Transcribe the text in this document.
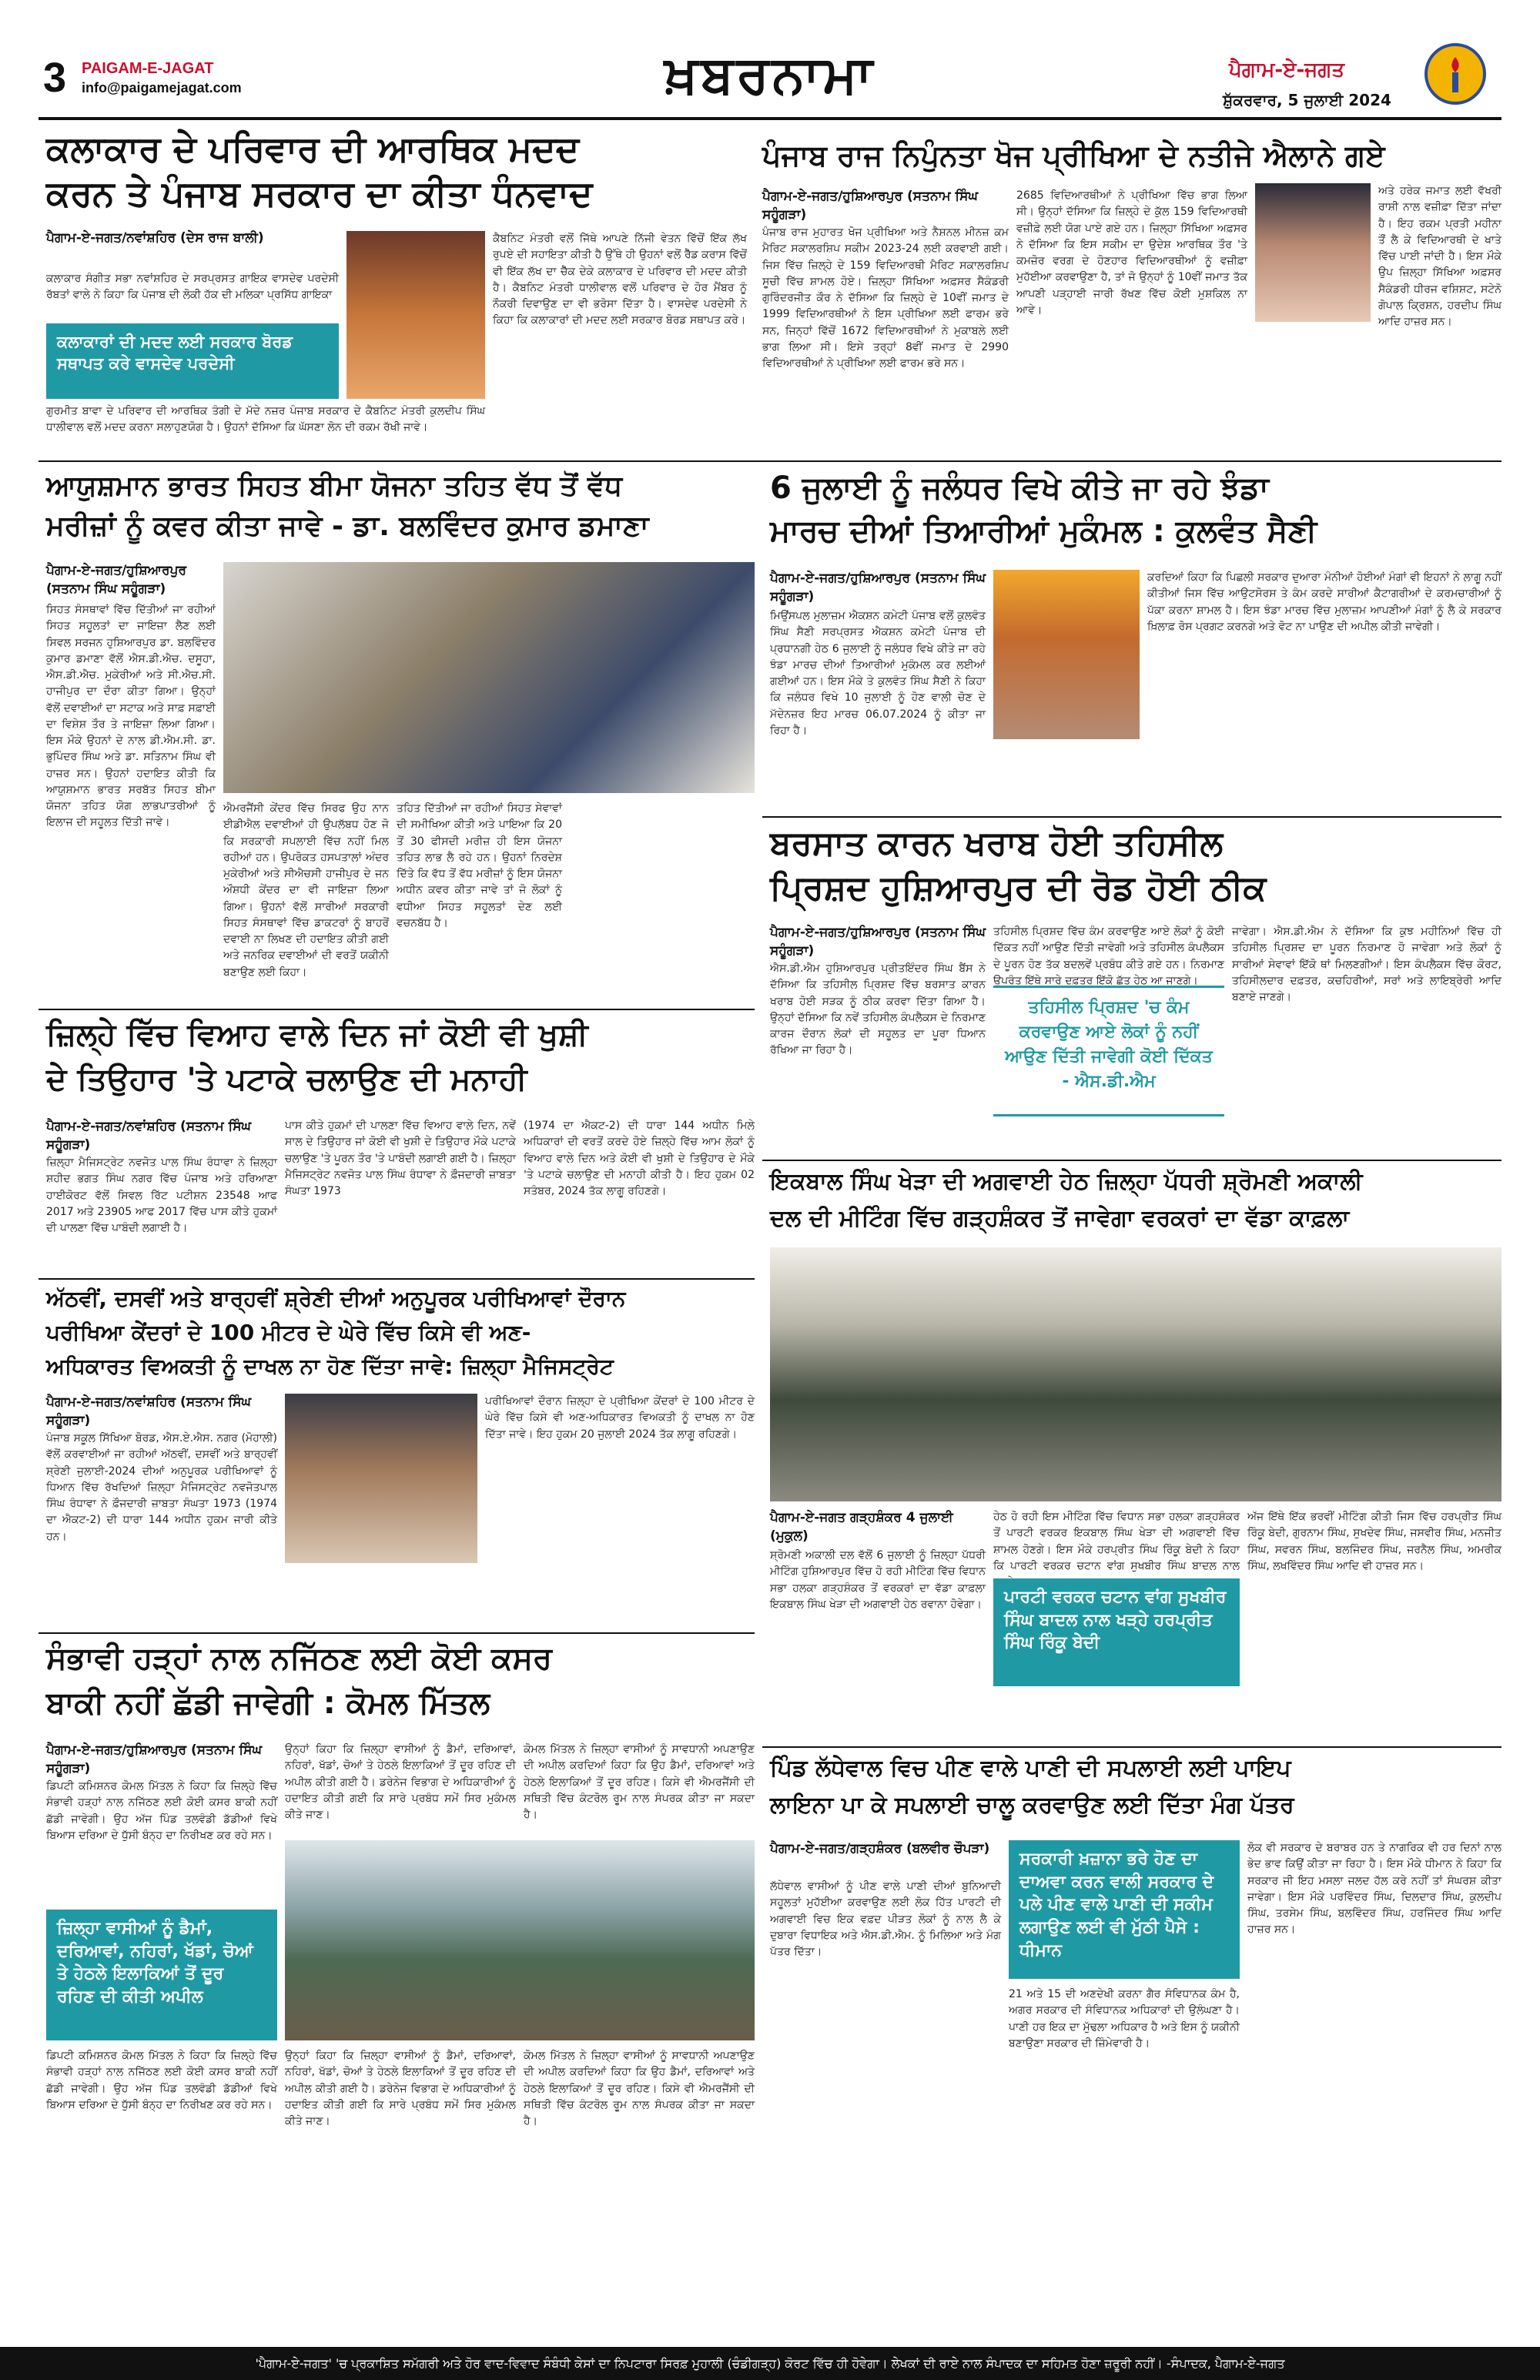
3 PAIGAM-E-JAGAT
info@paigamejagat.com	ਖ਼ਬਰਨਾਮਾ	ਪੈਗਾਮ-ਏ-ਜਗਤ
ਸ਼ੁੱਕਰਵਾਰ, 5 ਜੁਲਾਈ 2024
ਕਲਾਕਾਰ ਦੇ ਪਰਿਵਾਰ ਦੀ ਆਰਥਿਕ ਮਦਦ
ਕਰਨ ਤੇ ਪੰਜਾਬ ਸਰਕਾਰ ਦਾ ਕੀਤਾ ਧੰਨਵਾਦ
ਪੈਗਾਮ-ਏ-ਜਗਤ/ਨਵਾਂਸ਼ਹਿਰ (ਦੇਸ ਰਾਜ ਬਾਲੀ)
ਕਲਾਕਾਰ ਸੰਗੀਤ ਸਭਾ ਨਵਾਂਸ਼ਹਿਰ ਦੇ ਸਰਪ੍ਰਸਤ ਗਾਇਕ ਵਾਸਦੇਵ ਪਰਦੇਸੀ ਰੱਬਤਾਂ ਵਾਲੇ ਨੇ ਕਿਹਾ ਕਿ ਪੰਜਾਬ ਦੀ ਲੋਕੀ ਹੱਕ ਦੀ ਮਲਿਕਾ ਪ੍ਰਸਿੱਧ ਗਾਇਕਾ
ਕਲਾਕਾਰਾਂ ਦੀ ਮਦਦ ਲਈ ਸਰਕਾਰ ਬੋਰਡ ਸਥਾਪਤ ਕਰੇ ਵਾਸਦੇਵ ਪਰਦੇਸੀ
ਕੈਬਨਿਟ ਮੰਤਰੀ ਵਲੋਂ ਜਿੱਥੇ ਆਪਣੇ ਨਿੱਜੀ ਵੇਤਨ ਵਿੱਚੋਂ ਇੱਕ ਲੱਖ ਰੁਪਏ ਦੀ ਸਹਾਇਤਾ ਕੀਤੀ ਹੈ ਉੱਥੇ ਹੀ ਉਹਨਾਂ ਵਲੋਂ ਰੈੱਡ ਕਰਾਸ ਵਿੱਚੋਂ ਵੀ ਇੱਕ ਲੱਖ ਦਾ ਚੈੱਕ ਦੇਕੇ ਕਲਾਕਾਰ ਦੇ ਪਰਿਵਾਰ ਦੀ ਮਦਦ ਕੀਤੀ ਹੈ। ਕੈਬਨਿਟ ਮੰਤਰੀ ਧਾਲੀਵਾਲ ਵਲੋਂ ਪਰਿਵਾਰ ਦੇ ਹੋਰ ਮੈਂਬਰ ਨੂੰ ਨੌਕਰੀ ਦਿਵਾਉਣ ਦਾ ਵੀ ਭਰੋਸਾ ਦਿੱਤਾ ਹੈ। ਵਾਸਦੇਵ ਪਰਦੇਸੀ ਨੇ ਕਿਹਾ ਕਿ ਕਲਾਕਾਰਾਂ ਦੀ ਮਦਦ ਲਈ ਸਰਕਾਰ ਬੋਰਡ ਸਥਾਪਤ ਕਰੇ।
ਗੁਰਮੀਤ ਬਾਵਾ ਦੇ ਪਰਿਵਾਰ ਦੀ ਆਰਥਿਕ ਤੰਗੀ ਦੇ ਮੱਦੇ ਨਜ਼ਰ ਪੰਜਾਬ ਸਰਕਾਰ ਦੇ ਕੈਬਨਿਟ ਮੰਤਰੀ ਕੁਲਦੀਪ ਸਿੰਘ ਧਾਲੀਵਾਲ ਵਲੋਂ ਮਦਦ ਕਰਨਾ ਸਲਾਹੁਣਯੋਗ ਹੈ। ਉਹਨਾਂ ਦੱਸਿਆ ਕਿ ਘੱਸਣਾ ਲੋਨ ਦੀ ਰਕਮ ਰੱਖੀ ਜਾਵੇ।
ਪੰਜਾਬ ਰਾਜ ਨਿਪੁੰਨਤਾ ਖੋਜ ਪ੍ਰੀਖਿਆ ਦੇ ਨਤੀਜੇ ਐਲਾਨੇ ਗਏ
ਪੈਗਾਮ-ਏ-ਜਗਤ/ਹੁਸ਼ਿਆਰਪੁਰ (ਸਤਨਾਮ ਸਿੰਘ ਸਹੂੰਗੜਾ)
ਪੰਜਾਬ ਰਾਜ ਮੁਹਾਰਤ ਖੋਜ ਪ੍ਰੀਖਿਆ ਅਤੇ ਨੈਸ਼ਨਲ ਮੀਨਜ਼ ਕਮ ਮੈਰਿਟ ਸਕਾਲਰਸ਼ਿਪ ਸਕੀਮ 2023-24 ਲਈ ਕਰਵਾਈ ਗਈ। ਜਿਸ ਵਿੱਚ ਜ਼ਿਲ੍ਹੇ ਦੇ 159 ਵਿਦਿਆਰਥੀ ਮੈਰਿਟ ਸਕਾਲਰਸ਼ਿਪ ਸੂਚੀ ਵਿੱਚ ਸ਼ਾਮਲ ਹੋਏ। ਜ਼ਿਲ੍ਹਾ ਸਿੱਖਿਆ ਅਫ਼ਸਰ ਸੈਕੰਡਰੀ ਗੁਰਿੰਦਰਜੀਤ ਕੌਰ ਨੇ ਦੱਸਿਆ ਕਿ ਜ਼ਿਲ੍ਹੇ ਦੇ 10ਵੀਂ ਜਮਾਤ ਦੇ 1999 ਵਿਦਿਆਰਥੀਆਂ ਨੇ ਇਸ ਪ੍ਰੀਖਿਆ ਲਈ ਫਾਰਮ ਭਰੇ ਸਨ, ਜਿਨ੍ਹਾਂ ਵਿੱਚੋਂ 1672 ਵਿਦਿਆਰਥੀਆਂ ਨੇ ਮੁਕਾਬਲੇ ਲਈ ਭਾਗ ਲਿਆ ਸੀ। ਇਸੇ ਤਰ੍ਹਾਂ 8ਵੀਂ ਜਮਾਤ ਦੇ 2990 ਵਿਦਿਆਰਥੀਆਂ ਨੇ ਪ੍ਰੀਖਿਆ ਲਈ ਫਾਰਮ ਭਰੇ ਸਨ।
2685 ਵਿਦਿਆਰਥੀਆਂ ਨੇ ਪ੍ਰੀਖਿਆ ਵਿੱਚ ਭਾਗ ਲਿਆ ਸੀ। ਉਨ੍ਹਾਂ ਦੱਸਿਆ ਕਿ ਜ਼ਿਲ੍ਹੇ ਦੇ ਕੁੱਲ 159 ਵਿਦਿਆਰਥੀ ਵਜ਼ੀਫ਼ੇ ਲਈ ਯੋਗ ਪਾਏ ਗਏ ਹਨ। ਜ਼ਿਲ੍ਹਾ ਸਿੱਖਿਆ ਅਫ਼ਸਰ ਨੇ ਦੱਸਿਆ ਕਿ ਇਸ ਸਕੀਮ ਦਾ ਉਦੇਸ਼ ਆਰਥਿਕ ਤੌਰ 'ਤੇ ਕਮਜ਼ੋਰ ਵਰਗ ਦੇ ਹੋਣਹਾਰ ਵਿਦਿਆਰਥੀਆਂ ਨੂੰ ਵਜ਼ੀਫ਼ਾ ਮੁਹੱਈਆ ਕਰਵਾਉਣਾ ਹੈ, ਤਾਂ ਜੋ ਉਨ੍ਹਾਂ ਨੂੰ 10ਵੀਂ ਜਮਾਤ ਤੱਕ ਆਪਣੀ ਪੜ੍ਹਾਈ ਜਾਰੀ ਰੱਖਣ ਵਿੱਚ ਕੋਈ ਮੁਸ਼ਕਿਲ ਨਾ ਆਵੇ।
ਅਤੇ ਹਰੇਕ ਜਮਾਤ ਲਈ ਵੱਖਰੀ ਰਾਸ਼ੀ ਨਾਲ ਵਜ਼ੀਫ਼ਾ ਦਿੱਤਾ ਜਾਂਦਾ ਹੈ। ਇਹ ਰਕਮ ਪ੍ਰਤੀ ਮਹੀਨਾ ਤੌਂ ਲੈ ਕੇ ਵਿਦਿਆਰਥੀ ਦੇ ਖਾਤੇ ਵਿੱਚ ਪਾਈ ਜਾਂਦੀ ਹੈ। ਇਸ ਮੌਕੇ ਉਪ ਜ਼ਿਲ੍ਹਾ ਸਿੱਖਿਆ ਅਫ਼ਸਰ ਸੈਕੰਡਰੀ ਧੀਰਜ ਵਸ਼ਿਸ਼ਟ, ਸਟੇਨੋ ਗੋਪਾਲ ਕ੍ਰਿਸ਼ਨ, ਹਰਦੀਪ ਸਿੰਘ ਆਦਿ ਹਾਜ਼ਰ ਸਨ।
ਆਯੁਸ਼ਮਾਨ ਭਾਰਤ ਸਿਹਤ ਬੀਮਾ ਯੋਜਨਾ ਤਹਿਤ ਵੱਧ ਤੋਂ ਵੱਧ
ਮਰੀਜ਼ਾਂ ਨੂੰ ਕਵਰ ਕੀਤਾ ਜਾਵੇ - ਡਾ. ਬਲਵਿੰਦਰ ਕੁਮਾਰ ਡਮਾਣਾ
ਪੈਗਾਮ-ਏ-ਜਗਤ/ਹੁਸ਼ਿਆਰਪੁਰ (ਸਤਨਾਮ ਸਿੰਘ ਸਹੂੰਗੜਾ)
ਸਿਹਤ ਸੰਸਥਾਵਾਂ ਵਿੱਚ ਦਿੱਤੀਆਂ ਜਾ ਰਹੀਆਂ ਸਿਹਤ ਸਹੂਲਤਾਂ ਦਾ ਜਾਇਜ਼ਾ ਲੈਣ ਲਈ ਸਿਵਲ ਸਰਜਨ ਹੁਸ਼ਿਆਰਪੁਰ ਡਾ. ਬਲਵਿੰਦਰ ਕੁਮਾਰ ਡਮਾਣਾ ਵੱਲੋਂ ਐਸ.ਡੀ.ਐਚ. ਦਸੂਹਾ, ਐਸ.ਡੀ.ਐਚ. ਮੁਕੇਰੀਆਂ ਅਤੇ ਸੀ.ਐਚ.ਸੀ. ਹਾਜੀਪੁਰ ਦਾ ਦੌਰਾ ਕੀਤਾ ਗਿਆ। ਉਨ੍ਹਾਂ ਵੱਲੋਂ ਦਵਾਈਆਂ ਦਾ ਸਟਾਕ ਅਤੇ ਸਾਫ਼ ਸਫ਼ਾਈ ਦਾ ਵਿਸ਼ੇਸ਼ ਤੌਰ ਤੇ ਜਾਇਜ਼ਾ ਲਿਆ ਗਿਆ। ਇਸ ਮੌਕੇ ਉਹਨਾਂ ਦੇ ਨਾਲ ਡੀ.ਐਮ.ਸੀ. ਡਾ. ਭੁਪਿੰਦਰ ਸਿੰਘ ਅਤੇ ਡਾ. ਸਤਿਨਾਮ ਸਿੰਘ ਵੀ ਹਾਜ਼ਰ ਸਨ। ਉਹਨਾਂ ਹਦਾਇਤ ਕੀਤੀ ਕਿ ਆਯੁਸ਼ਮਾਨ ਭਾਰਤ ਸਰਬੱਤ ਸਿਹਤ ਬੀਮਾ ਯੋਜਨਾ ਤਹਿਤ ਯੋਗ ਲਾਭਪਾਤਰੀਆਂ ਨੂੰ ਇਲਾਜ ਦੀ ਸਹੂਲਤ ਦਿੱਤੀ ਜਾਵੇ।
ਐਮਰਜੈਂਸੀ ਕੇਂਦਰ ਵਿੱਚ ਸਿਰਫ ਉਹ ਨਾਨ ਈਡੀਐਲ ਦਵਾਈਆਂ ਹੀ ਉਪਲੱਬਧ ਹੋਣ ਜੋ ਕਿ ਸਰਕਾਰੀ ਸਪਲਾਈ ਵਿੱਚ ਨਹੀਂ ਮਿਲ ਰਹੀਆਂ ਹਨ। ਉਪਰੋਕਤ ਹਸਪਤਾਲਾਂ ਅੰਦਰ ਮੁਕੇਰੀਆਂ ਅਤੇ ਸੀਐਚਸੀ ਹਾਜੀਪੁਰ ਦੇ ਜਨ ਔਸ਼ਧੀ ਕੇਂਦਰ ਦਾ ਵੀ ਜਾਇਜ਼ਾ ਲਿਆ ਗਿਆ। ਉਹਨਾਂ ਵੱਲੋਂ ਸਾਰੀਆਂ ਸਰਕਾਰੀ ਸਿਹਤ ਸੰਸਥਾਵਾਂ ਵਿੱਚ ਡਾਕਟਰਾਂ ਨੂੰ ਬਾਹਰੋਂ ਦਵਾਈ ਨਾ ਲਿਖਣ ਦੀ ਹਦਾਇਤ ਕੀਤੀ ਗਈ ਅਤੇ ਜਨਰਿਕ ਦਵਾਈਆਂ ਦੀ ਵਰਤੋਂ ਯਕੀਨੀ ਬਣਾਉਣ ਲਈ ਕਿਹਾ।
ਤਹਿਤ ਦਿੱਤੀਆਂ ਜਾ ਰਹੀਆਂ ਸਿਹਤ ਸੇਵਾਵਾਂ ਦੀ ਸਮੀਖਿਆ ਕੀਤੀ ਅਤੇ ਪਾਇਆ ਕਿ 20 ਤੋਂ 30 ਫੀਸਦੀ ਮਰੀਜ਼ ਹੀ ਇਸ ਯੋਜਨਾ ਤਹਿਤ ਲਾਭ ਲੈ ਰਹੇ ਹਨ। ਉਹਨਾਂ ਨਿਰਦੇਸ਼ ਦਿੱਤੇ ਕਿ ਵੱਧ ਤੋਂ ਵੱਧ ਮਰੀਜ਼ਾਂ ਨੂੰ ਇਸ ਯੋਜਨਾ ਅਧੀਨ ਕਵਰ ਕੀਤਾ ਜਾਵੇ ਤਾਂ ਜੋ ਲੋਕਾਂ ਨੂੰ ਵਧੀਆ ਸਿਹਤ ਸਹੂਲਤਾਂ ਦੇਣ ਲਈ ਵਚਨਬੱਧ ਹੈ।
6 ਜੁਲਾਈ ਨੂੰ ਜਲੰਧਰ ਵਿਖੇ ਕੀਤੇ ਜਾ ਰਹੇ ਝੰਡਾ
ਮਾਰਚ ਦੀਆਂ ਤਿਆਰੀਆਂ ਮੁਕੰਮਲ : ਕੁਲਵੰਤ ਸੈਣੀ
ਪੈਗਾਮ-ਏ-ਜਗਤ/ਹੁਸ਼ਿਆਰਪੁਰ (ਸਤਨਾਮ ਸਿੰਘ ਸਹੂੰਗੜਾ)
ਮਿਉਂਸਪਲ ਮੁਲਾਜ਼ਮ ਐਕਸ਼ਨ ਕਮੇਟੀ ਪੰਜਾਬ ਵਲੋਂ ਕੁਲਵੰਤ ਸਿੰਘ ਸੈਣੀ ਸਰਪ੍ਰਸਤ ਐਕਸ਼ਨ ਕਮੇਟੀ ਪੰਜਾਬ ਦੀ ਪ੍ਰਧਾਨਗੀ ਹੇਠ 6 ਜੁਲਾਈ ਨੂੰ ਜਲੰਧਰ ਵਿਖੇ ਕੀਤੇ ਜਾ ਰਹੇ ਝੰਡਾ ਮਾਰਚ ਦੀਆਂ ਤਿਆਰੀਆਂ ਮੁਕੰਮਲ ਕਰ ਲਈਆਂ ਗਈਆਂ ਹਨ। ਇਸ ਮੌਕੇ ਤੇ ਕੁਲਵੰਤ ਸਿੰਘ ਸੈਣੀ ਨੇ ਕਿਹਾ ਕਿ ਜਲੰਧਰ ਵਿਖੇ 10 ਜੁਲਾਈ ਨੂੰ ਹੋਣ ਵਾਲੀ ਚੋਣ ਦੇ ਮੱਦੇਨਜ਼ਰ ਇਹ ਮਾਰਚ 06.07.2024 ਨੂੰ ਕੀਤਾ ਜਾ ਰਿਹਾ ਹੈ।
ਕਰਦਿਆਂ ਕਿਹਾ ਕਿ ਪਿਛਲੀ ਸਰਕਾਰ ਦੁਆਰਾ ਮੰਨੀਆਂ ਹੋਈਆਂ ਮੰਗਾਂ ਵੀ ਇਹਨਾਂ ਨੇ ਲਾਗੂ ਨਹੀਂ ਕੀਤੀਆਂ ਜਿਸ ਵਿੱਚ ਆਉਟਸੋਰਸ ਤੇ ਕੰਮ ਕਰਦੇ ਸਾਰੀਆਂ ਕੈਟਾਗਰੀਆਂ ਦੇ ਕਰਮਚਾਰੀਆਂ ਨੂੰ ਪੱਕਾ ਕਰਨਾ ਸ਼ਾਮਲ ਹੈ। ਇਸ ਝੰਡਾ ਮਾਰਚ ਵਿੱਚ ਮੁਲਾਜ਼ਮ ਆਪਣੀਆਂ ਮੰਗਾਂ ਨੂੰ ਲੈ ਕੇ ਸਰਕਾਰ ਖ਼ਿਲਾਫ਼ ਰੋਸ ਪ੍ਰਗਟ ਕਰਨਗੇ ਅਤੇ ਵੋਟ ਨਾ ਪਾਉਣ ਦੀ ਅਪੀਲ ਕੀਤੀ ਜਾਵੇਗੀ।
ਬਰਸਾਤ ਕਾਰਨ ਖਰਾਬ ਹੋਈ ਤਹਿਸੀਲ
ਪ੍ਰਿਸ਼ਦ ਹੁਸ਼ਿਆਰਪੁਰ ਦੀ ਰੋਡ ਹੋਈ ਠੀਕ
ਪੈਗਾਮ-ਏ-ਜਗਤ/ਹੁਸ਼ਿਆਰਪੁਰ (ਸਤਨਾਮ ਸਿੰਘ ਸਹੂੰਗੜਾ)
ਐਸ.ਡੀ.ਐਮ ਹੁਸ਼ਿਆਰਪੁਰ ਪ੍ਰੀਤਇੰਦਰ ਸਿੰਘ ਬੈਂਸ ਨੇ ਦੱਸਿਆ ਕਿ ਤਹਿਸੀਲ ਪ੍ਰਿਸ਼ਦ ਵਿੱਚ ਬਰਸਾਤ ਕਾਰਨ ਖਰਾਬ ਹੋਈ ਸੜਕ ਨੂੰ ਠੀਕ ਕਰਵਾ ਦਿੱਤਾ ਗਿਆ ਹੈ। ਉਨ੍ਹਾਂ ਦੱਸਿਆ ਕਿ ਨਵੇਂ ਤਹਿਸੀਲ ਕੰਪਲੈਕਸ ਦੇ ਨਿਰਮਾਣ ਕਾਰਜ ਦੌਰਾਨ ਲੋਕਾਂ ਦੀ ਸਹੂਲਤ ਦਾ ਪੂਰਾ ਧਿਆਨ ਰੱਖਿਆ ਜਾ ਰਿਹਾ ਹੈ।
ਤਹਿਸੀਲ ਪ੍ਰਿਸ਼ਦ ਵਿੱਚ ਕੰਮ ਕਰਵਾਉਣ ਆਏ ਲੋਕਾਂ ਨੂੰ ਕੋਈ ਦਿੱਕਤ ਨਹੀਂ ਆਉਣ ਦਿੱਤੀ ਜਾਵੇਗੀ ਅਤੇ ਤਹਿਸੀਲ ਕੰਪਲੈਕਸ ਦੇ ਪੂਰਨ ਹੋਣ ਤੱਕ ਬਦਲਵੇਂ ਪ੍ਰਬੰਧ ਕੀਤੇ ਗਏ ਹਨ। ਨਿਰਮਾਣ ਉਪਰੰਤ ਇੱਥੇ ਸਾਰੇ ਦਫ਼ਤਰ ਇੱਕੋ ਛੱਤ ਹੇਠ ਆ ਜਾਣਗੇ।
ਤਹਿਸੀਲ ਪ੍ਰਿਸ਼ਦ 'ਚ ਕੰਮ ਕਰਵਾਉਣ ਆਏ ਲੋਕਾਂ ਨੂੰ ਨਹੀਂ ਆਉਣ ਦਿੱਤੀ ਜਾਵੇਗੀ ਕੋਈ ਦਿੱਕਤ - ਐਸ.ਡੀ.ਐਮ
ਜਾਵੇਗਾ। ਐਸ.ਡੀ.ਐਮ ਨੇ ਦੱਸਿਆ ਕਿ ਕੁਝ ਮਹੀਨਿਆਂ ਵਿੱਚ ਹੀ ਤਹਿਸੀਲ ਪ੍ਰਿਸ਼ਦ ਦਾ ਪੂਰਨ ਨਿਰਮਾਣ ਹੋ ਜਾਵੇਗਾ ਅਤੇ ਲੋਕਾਂ ਨੂੰ ਸਾਰੀਆਂ ਸੇਵਾਵਾਂ ਇੱਕੋ ਥਾਂ ਮਿਲਣਗੀਆਂ। ਇਸ ਕੰਪਲੈਕਸ ਵਿੱਚ ਕੋਰਟ, ਤਹਿਸੀਲਦਾਰ ਦਫ਼ਤਰ, ਕਚਹਿਰੀਆਂ, ਸਰਾਂ ਅਤੇ ਲਾਇਬ੍ਰੇਰੀ ਆਦਿ ਬਣਾਏ ਜਾਣਗੇ।
ਜ਼ਿਲ੍ਹੇ ਵਿੱਚ ਵਿਆਹ ਵਾਲੇ ਦਿਨ ਜਾਂ ਕੋਈ ਵੀ ਖੁਸ਼ੀ
ਦੇ ਤਿਉਹਾਰ 'ਤੇ ਪਟਾਕੇ ਚਲਾਉਣ ਦੀ ਮਨਾਹੀ
ਪੈਗਾਮ-ਏ-ਜਗਤ/ਨਵਾਂਸ਼ਹਿਰ (ਸਤਨਾਮ ਸਿੰਘ ਸਹੂੰਗੜਾ)
ਜ਼ਿਲ੍ਹਾ ਮੈਜਿਸਟ੍ਰੇਟ ਨਵਜੋਤ ਪਾਲ ਸਿੰਘ ਰੰਧਾਵਾ ਨੇ ਜ਼ਿਲ੍ਹਾ ਸ਼ਹੀਦ ਭਗਤ ਸਿੰਘ ਨਗਰ ਵਿੱਚ ਪੰਜਾਬ ਅਤੇ ਹਰਿਆਣਾ ਹਾਈਕੋਰਟ ਵੱਲੋਂ ਸਿਵਲ ਰਿੱਟ ਪਟੀਸ਼ਨ 23548 ਆਫ 2017 ਅਤੇ 23905 ਆਫ 2017 ਵਿੱਚ ਪਾਸ ਕੀਤੇ ਹੁਕਮਾਂ ਦੀ ਪਾਲਣਾ ਵਿੱਚ ਪਾਬੰਦੀ ਲਗਾਈ ਹੈ।
ਪਾਸ ਕੀਤੇ ਹੁਕਮਾਂ ਦੀ ਪਾਲਣਾ ਵਿੱਚ ਵਿਆਹ ਵਾਲੇ ਦਿਨ, ਨਵੇਂ ਸਾਲ ਦੇ ਤਿਉਹਾਰ ਜਾਂ ਕੋਈ ਵੀ ਖੁਸ਼ੀ ਦੇ ਤਿਉਹਾਰ ਮੌਕੇ ਪਟਾਕੇ ਚਲਾਉਣ 'ਤੇ ਪੂਰਨ ਤੌਰ 'ਤੇ ਪਾਬੰਦੀ ਲਗਾਈ ਗਈ ਹੈ। ਜ਼ਿਲ੍ਹਾ ਮੈਜਿਸਟ੍ਰੇਟ ਨਵਜੋਤ ਪਾਲ ਸਿੰਘ ਰੰਧਾਵਾ ਨੇ ਫ਼ੌਜਦਾਰੀ ਜ਼ਾਬਤਾ ਸੰਘਤਾ 1973
(1974 ਦਾ ਐਕਟ-2) ਦੀ ਧਾਰਾ 144 ਅਧੀਨ ਮਿਲੇ ਅਧਿਕਾਰਾਂ ਦੀ ਵਰਤੋਂ ਕਰਦੇ ਹੋਏ ਜ਼ਿਲ੍ਹੇ ਵਿੱਚ ਆਮ ਲੋਕਾਂ ਨੂੰ ਵਿਆਹ ਵਾਲੇ ਦਿਨ ਅਤੇ ਕੋਈ ਵੀ ਖੁਸ਼ੀ ਦੇ ਤਿਉਹਾਰ ਦੇ ਮੌਕੇ 'ਤੇ ਪਟਾਕੇ ਚਲਾਉਣ ਦੀ ਮਨਾਹੀ ਕੀਤੀ ਹੈ। ਇਹ ਹੁਕਮ 02 ਸਤੰਬਰ, 2024 ਤੱਕ ਲਾਗੂ ਰਹਿਣਗੇ।
ਅੱਠਵੀਂ, ਦਸਵੀਂ ਅਤੇ ਬਾਰ੍ਹਵੀਂ ਸ਼੍ਰੇਣੀ ਦੀਆਂ ਅਨੁਪੂਰਕ ਪਰੀਖਿਆਵਾਂ ਦੌਰਾਨ
ਪਰੀਖਿਆ ਕੇਂਦਰਾਂ ਦੇ 100 ਮੀਟਰ ਦੇ ਘੇਰੇ ਵਿੱਚ ਕਿਸੇ ਵੀ ਅਣ-
ਅਧਿਕਾਰਤ ਵਿਅਕਤੀ ਨੂੰ ਦਾਖਲ ਨਾ ਹੋਣ ਦਿੱਤਾ ਜਾਵੇ: ਜ਼ਿਲ੍ਹਾ ਮੈਜਿਸਟ੍ਰੇਟ
ਪੈਗਾਮ-ਏ-ਜਗਤ/ਨਵਾਂਸ਼ਹਿਰ (ਸਤਨਾਮ ਸਿੰਘ ਸਹੂੰਗੜਾ)
ਪੰਜਾਬ ਸਕੂਲ ਸਿੱਖਿਆ ਬੋਰਡ, ਐਸ.ਏ.ਐਸ. ਨਗਰ (ਮੋਹਾਲੀ) ਵੱਲੋਂ ਕਰਵਾਈਆਂ ਜਾ ਰਹੀਆਂ ਅੱਠਵੀਂ, ਦਸਵੀਂ ਅਤੇ ਬਾਰ੍ਹਵੀਂ ਸ਼੍ਰੇਣੀ ਜੁਲਾਈ-2024 ਦੀਆਂ ਅਨੁਪੂਰਕ ਪਰੀਖਿਆਵਾਂ ਨੂੰ ਧਿਆਨ ਵਿੱਚ ਰੱਖਦਿਆਂ ਜ਼ਿਲ੍ਹਾ ਮੈਜਿਸਟ੍ਰੇਟ ਨਵਜੋਤਪਾਲ ਸਿੰਘ ਰੰਧਾਵਾ ਨੇ ਫ਼ੌਜਦਾਰੀ ਜ਼ਾਬਤਾ ਸੰਘਤਾ 1973 (1974 ਦਾ ਐਕਟ-2) ਦੀ ਧਾਰਾ 144 ਅਧੀਨ ਹੁਕਮ ਜਾਰੀ ਕੀਤੇ ਹਨ।
ਪਰੀਖਿਆਵਾਂ ਦੌਰਾਨ ਜ਼ਿਲ੍ਹਾ ਦੇ ਪ੍ਰੀਖਿਆ ਕੇਂਦਰਾਂ ਦੇ 100 ਮੀਟਰ ਦੇ ਘੇਰੇ ਵਿੱਚ ਕਿਸੇ ਵੀ ਅਣ-ਅਧਿਕਾਰਤ ਵਿਅਕਤੀ ਨੂੰ ਦਾਖਲ ਨਾ ਹੋਣ ਦਿੱਤਾ ਜਾਵੇ। ਇਹ ਹੁਕਮ 20 ਜੁਲਾਈ 2024 ਤੱਕ ਲਾਗੂ ਰਹਿਣਗੇ।
ਸੰਭਾਵੀ ਹੜ੍ਹਾਂ ਨਾਲ ਨਜਿੱਠਣ ਲਈ ਕੋਈ ਕਸਰ
ਬਾਕੀ ਨਹੀਂ ਛੱਡੀ ਜਾਵੇਗੀ : ਕੋਮਲ ਮਿੱਤਲ
ਪੈਗਾਮ-ਏ-ਜਗਤ/ਹੁਸ਼ਿਆਰਪੁਰ (ਸਤਨਾਮ ਸਿੰਘ ਸਹੂੰਗੜਾ)
ਡਿਪਟੀ ਕਮਿਸ਼ਨਰ ਕੋਮਲ ਮਿੱਤਲ ਨੇ ਕਿਹਾ ਕਿ ਜ਼ਿਲ੍ਹੇ ਵਿੱਚ ਸੰਭਾਵੀ ਹੜ੍ਹਾਂ ਨਾਲ ਨਜਿੱਠਣ ਲਈ ਕੋਈ ਕਸਰ ਬਾਕੀ ਨਹੀਂ ਛੱਡੀ ਜਾਵੇਗੀ। ਉਹ ਅੱਜ ਪਿੰਡ ਤਲਵੰਡੀ ਡੱਡੀਆਂ ਵਿਖੇ ਬਿਆਸ ਦਰਿਆ ਦੇ ਧੁੱਸੀ ਬੰਨ੍ਹ ਦਾ ਨਿਰੀਖਣ ਕਰ ਰਹੇ ਸਨ।
ਜ਼ਿਲ੍ਹਾ ਵਾਸੀਆਂ ਨੂੰ ਡੈਮਾਂ, ਦਰਿਆਵਾਂ, ਨਹਿਰਾਂ, ਖੱਡਾਂ, ਚੋਆਂ ਤੇ ਹੇਠਲੇ ਇਲਾਕਿਆਂ ਤੋਂ ਦੂਰ ਰਹਿਣ ਦੀ ਕੀਤੀ ਅਪੀਲ
ਉਨ੍ਹਾਂ ਕਿਹਾ ਕਿ ਜ਼ਿਲ੍ਹਾ ਵਾਸੀਆਂ ਨੂੰ ਡੈਮਾਂ, ਦਰਿਆਵਾਂ, ਨਹਿਰਾਂ, ਖੱਡਾਂ, ਚੋਆਂ ਤੇ ਹੇਠਲੇ ਇਲਾਕਿਆਂ ਤੋਂ ਦੂਰ ਰਹਿਣ ਦੀ ਅਪੀਲ ਕੀਤੀ ਗਈ ਹੈ। ਡਰੇਨੇਜ ਵਿਭਾਗ ਦੇ ਅਧਿਕਾਰੀਆਂ ਨੂੰ ਹਦਾਇਤ ਕੀਤੀ ਗਈ ਕਿ ਸਾਰੇ ਪ੍ਰਬੰਧ ਸਮੇਂ ਸਿਰ ਮੁਕੰਮਲ ਕੀਤੇ ਜਾਣ।
ਕੋਮਲ ਮਿੱਤਲ ਨੇ ਜ਼ਿਲ੍ਹਾ ਵਾਸੀਆਂ ਨੂੰ ਸਾਵਧਾਨੀ ਅਪਣਾਉਣ ਦੀ ਅਪੀਲ ਕਰਦਿਆਂ ਕਿਹਾ ਕਿ ਉਹ ਡੈਮਾਂ, ਦਰਿਆਵਾਂ ਅਤੇ ਹੇਠਲੇ ਇਲਾਕਿਆਂ ਤੋਂ ਦੂਰ ਰਹਿਣ। ਕਿਸੇ ਵੀ ਐਮਰਜੈਂਸੀ ਦੀ ਸਥਿਤੀ ਵਿੱਚ ਕੰਟਰੋਲ ਰੂਮ ਨਾਲ ਸੰਪਰਕ ਕੀਤਾ ਜਾ ਸਕਦਾ ਹੈ।
ਡਿਪਟੀ ਕਮਿਸ਼ਨਰ ਕੋਮਲ ਮਿੱਤਲ ਨੇ ਕਿਹਾ ਕਿ ਜ਼ਿਲ੍ਹੇ ਵਿੱਚ ਸੰਭਾਵੀ ਹੜ੍ਹਾਂ ਨਾਲ ਨਜਿੱਠਣ ਲਈ ਕੋਈ ਕਸਰ ਬਾਕੀ ਨਹੀਂ ਛੱਡੀ ਜਾਵੇਗੀ। ਉਹ ਅੱਜ ਪਿੰਡ ਤਲਵੰਡੀ ਡੱਡੀਆਂ ਵਿਖੇ ਬਿਆਸ ਦਰਿਆ ਦੇ ਧੁੱਸੀ ਬੰਨ੍ਹ ਦਾ ਨਿਰੀਖਣ ਕਰ ਰਹੇ ਸਨ।
ਉਨ੍ਹਾਂ ਕਿਹਾ ਕਿ ਜ਼ਿਲ੍ਹਾ ਵਾਸੀਆਂ ਨੂੰ ਡੈਮਾਂ, ਦਰਿਆਵਾਂ, ਨਹਿਰਾਂ, ਖੱਡਾਂ, ਚੋਆਂ ਤੇ ਹੇਠਲੇ ਇਲਾਕਿਆਂ ਤੋਂ ਦੂਰ ਰਹਿਣ ਦੀ ਅਪੀਲ ਕੀਤੀ ਗਈ ਹੈ। ਡਰੇਨੇਜ ਵਿਭਾਗ ਦੇ ਅਧਿਕਾਰੀਆਂ ਨੂੰ ਹਦਾਇਤ ਕੀਤੀ ਗਈ ਕਿ ਸਾਰੇ ਪ੍ਰਬੰਧ ਸਮੇਂ ਸਿਰ ਮੁਕੰਮਲ ਕੀਤੇ ਜਾਣ।
ਕੋਮਲ ਮਿੱਤਲ ਨੇ ਜ਼ਿਲ੍ਹਾ ਵਾਸੀਆਂ ਨੂੰ ਸਾਵਧਾਨੀ ਅਪਣਾਉਣ ਦੀ ਅਪੀਲ ਕਰਦਿਆਂ ਕਿਹਾ ਕਿ ਉਹ ਡੈਮਾਂ, ਦਰਿਆਵਾਂ ਅਤੇ ਹੇਠਲੇ ਇਲਾਕਿਆਂ ਤੋਂ ਦੂਰ ਰਹਿਣ। ਕਿਸੇ ਵੀ ਐਮਰਜੈਂਸੀ ਦੀ ਸਥਿਤੀ ਵਿੱਚ ਕੰਟਰੋਲ ਰੂਮ ਨਾਲ ਸੰਪਰਕ ਕੀਤਾ ਜਾ ਸਕਦਾ ਹੈ।
ਇਕਬਾਲ ਸਿੰਘ ਖੇੜਾ ਦੀ ਅਗਵਾਈ ਹੇਠ ਜ਼ਿਲ੍ਹਾ ਪੱਧਰੀ ਸ਼੍ਰੋਮਣੀ ਅਕਾਲੀ
ਦਲ ਦੀ ਮੀਟਿੰਗ ਵਿੱਚ ਗੜ੍ਹਸ਼ੰਕਰ ਤੋਂ ਜਾਵੇਗਾ ਵਰਕਰਾਂ ਦਾ ਵੱਡਾ ਕਾਫ਼ਲਾ
ਪੈਗਾਮ-ਏ-ਜਗਤ ਗੜ੍ਹਸ਼ੰਕਰ 4 ਜੁਲਾਈ (ਮੁਕੁਲ)
ਸ਼੍ਰੋਮਣੀ ਅਕਾਲੀ ਦਲ ਵੱਲੋਂ 6 ਜੁਲਾਈ ਨੂੰ ਜ਼ਿਲ੍ਹਾ ਪੱਧਰੀ ਮੀਟਿੰਗ ਹੁਸ਼ਿਆਰਪੁਰ ਵਿੱਚ ਹੋ ਰਹੀ ਮੀਟਿੰਗ ਵਿੱਚ ਵਿਧਾਨ ਸਭਾ ਹਲਕਾ ਗੜ੍ਹਸ਼ੰਕਰ ਤੋਂ ਵਰਕਰਾਂ ਦਾ ਵੱਡਾ ਕਾਫ਼ਲਾ ਇਕਬਾਲ ਸਿੰਘ ਖੇੜਾ ਦੀ ਅਗਵਾਈ ਹੇਠ ਰਵਾਨਾ ਹੋਵੇਗਾ।
ਹੇਠ ਹੋ ਰਹੀ ਇਸ ਮੀਟਿੰਗ ਵਿੱਚ ਵਿਧਾਨ ਸਭਾ ਹਲਕਾ ਗੜ੍ਹਸ਼ੰਕਰ ਤੋਂ ਪਾਰਟੀ ਵਰਕਰ ਇਕਬਾਲ ਸਿੰਘ ਖੇੜਾ ਦੀ ਅਗਵਾਈ ਵਿੱਚ ਸ਼ਾਮਲ ਹੋਣਗੇ। ਇਸ ਮੌਕੇ ਹਰਪ੍ਰੀਤ ਸਿੰਘ ਰਿੰਕੂ ਬੇਦੀ ਨੇ ਕਿਹਾ ਕਿ ਪਾਰਟੀ ਵਰਕਰ ਚਟਾਨ ਵਾਂਗ ਸੁਖਬੀਰ ਸਿੰਘ ਬਾਦਲ ਨਾਲ
ਪਾਰਟੀ ਵਰਕਰ ਚਟਾਨ ਵਾਂਗ ਸੁਖਬੀਰ ਸਿੰਘ ਬਾਦਲ ਨਾਲ ਖੜ੍ਹੇ ਹਰਪ੍ਰੀਤ ਸਿੰਘ ਰਿੰਕੂ ਬੇਦੀ
ਅੱਜ ਇੱਥੇ ਇੱਕ ਭਰਵੀਂ ਮੀਟਿੰਗ ਕੀਤੀ ਜਿਸ ਵਿੱਚ ਹਰਪ੍ਰੀਤ ਸਿੰਘ ਰਿੰਕੂ ਬੇਦੀ, ਗੁਰਨਾਮ ਸਿੰਘ, ਸੁਖਦੇਵ ਸਿੰਘ, ਜਸਵੀਰ ਸਿੰਘ, ਮਨਜੀਤ ਸਿੰਘ, ਸਵਰਨ ਸਿੰਘ, ਬਲਜਿੰਦਰ ਸਿੰਘ, ਜਰਨੈਲ ਸਿੰਘ, ਅਮਰੀਕ ਸਿੰਘ, ਲਖਵਿੰਦਰ ਸਿੰਘ ਆਦਿ ਵੀ ਹਾਜ਼ਰ ਸਨ।
ਪਿੰਡ ਲੱਧੇਵਾਲ ਵਿਚ ਪੀਣ ਵਾਲੇ ਪਾਣੀ ਦੀ ਸਪਲਾਈ ਲਈ ਪਾਇਪ
ਲਾਇਨਾ ਪਾ ਕੇ ਸਪਲਾਈ ਚਾਲੂ ਕਰਵਾਉਣ ਲਈ ਦਿੱਤਾ ਮੰਗ ਪੱਤਰ
ਪੈਗਾਮ-ਏ-ਜਗਤ/ਗੜ੍ਹਸ਼ੰਕਰ (ਬਲਵੀਰ ਚੌਪੜਾ)
ਲੱਧੇਵਾਲ ਵਾਸੀਆਂ ਨੂੰ ਪੀਣ ਵਾਲੇ ਪਾਣੀ ਦੀਆਂ ਬੁਨਿਆਦੀ ਸਹੂਲਤਾਂ ਮੁਹੱਈਆ ਕਰਵਾਉਣ ਲਈ ਲੋਕ ਹਿੱਤ ਪਾਰਟੀ ਦੀ ਅਗਵਾਈ ਵਿਚ ਇਕ ਵਫ਼ਦ ਪੀੜਤ ਲੋਕਾਂ ਨੂੰ ਨਾਲ ਲੈ ਕੇ ਦੁਬਾਰਾ ਵਿਧਾਇਕ ਅਤੇ ਐਸ.ਡੀ.ਐਮ. ਨੂੰ ਮਿਲਿਆ ਅਤੇ ਮੰਗ ਪੱਤਰ ਦਿੱਤਾ।
ਸਰਕਾਰੀ ਖ਼ਜ਼ਾਨਾ ਭਰੇ ਹੋਣ ਦਾ ਦਾਅਵਾ ਕਰਨ ਵਾਲੀ ਸਰਕਾਰ ਦੇ ਪਲੇ ਪੀਣ ਵਾਲੇ ਪਾਣੀ ਦੀ ਸਕੀਮ ਲਗਾਉਣ ਲਈ ਵੀ ਮੁੱਠੀ ਪੈਸੇ : ਧੀਮਾਨ
21 ਅਤੇ 15 ਦੀ ਅਣਦੇਖੀ ਕਰਨਾ ਗੈਰ ਸੰਵਿਧਾਨਕ ਕੰਮ ਹੈ, ਅਗਰ ਸਰਕਾਰ ਦੀ ਸੰਵਿਧਾਨਕ ਅਧਿਕਾਰਾਂ ਦੀ ਉਲੰਘਣਾ ਹੈ। ਪਾਣੀ ਹਰ ਇਕ ਦਾ ਮੁੱਢਲਾ ਅਧਿਕਾਰ ਹੈ ਅਤੇ ਇਸ ਨੂੰ ਯਕੀਨੀ ਬਣਾਉਣਾ ਸਰਕਾਰ ਦੀ ਜ਼ਿੰਮੇਵਾਰੀ ਹੈ।
ਲੋਕ ਵੀ ਸਰਕਾਰ ਦੇ ਬਰਾਬਰ ਹਨ ਤੇ ਨਾਗਰਿਕ ਵੀ ਹਰ ਦਿਨਾਂ ਨਾਲ ਭੇਦ ਭਾਵ ਕਿਉਂ ਕੀਤਾ ਜਾ ਰਿਹਾ ਹੈ। ਇਸ ਮੌਕੇ ਧੀਮਾਨ ਨੇ ਕਿਹਾ ਕਿ ਸਰਕਾਰ ਜੀ ਇਹ ਮਸਲਾ ਜਲਦ ਹੱਲ ਕਰੇ ਨਹੀਂ ਤਾਂ ਸੰਘਰਸ਼ ਕੀਤਾ ਜਾਵੇਗਾ। ਇਸ ਮੌਕੇ ਪਰਵਿੰਦਰ ਸਿੰਘ, ਦਿਲਦਾਰ ਸਿੰਘ, ਕੁਲਦੀਪ ਸਿੰਘ, ਤਰਸੇਮ ਸਿੰਘ, ਬਲਵਿੰਦਰ ਸਿੰਘ, ਹਰਜਿੰਦਰ ਸਿੰਘ ਆਦਿ ਹਾਜ਼ਰ ਸਨ।
'ਪੈਗਾਮ-ਏ-ਜਗਤ' 'ਚ ਪ੍ਰਕਾਸ਼ਿਤ ਸਮੱਗਰੀ ਅਤੇ ਹੋਰ ਵਾਦ-ਵਿਵਾਦ ਸੰਬੰਧੀ ਕੇਸਾਂ ਦਾ ਨਿਪਟਾਰਾ ਸਿਰਫ਼ ਮੁਹਾਲੀ (ਚੰਡੀਗੜ੍ਹ) ਕੋਰਟ ਵਿੱਚ ਹੀ ਹੋਵੇਗਾ। ਲੇਖਕਾਂ ਦੀ ਰਾਏ ਨਾਲ ਸੰਪਾਦਕ ਦਾ ਸਹਿਮਤ ਹੋਣਾ ਜ਼ਰੂਰੀ ਨਹੀਂ। -ਸੰਪਾਦਕ, ਪੈਗਾਮ-ਏ-ਜਗਤ
